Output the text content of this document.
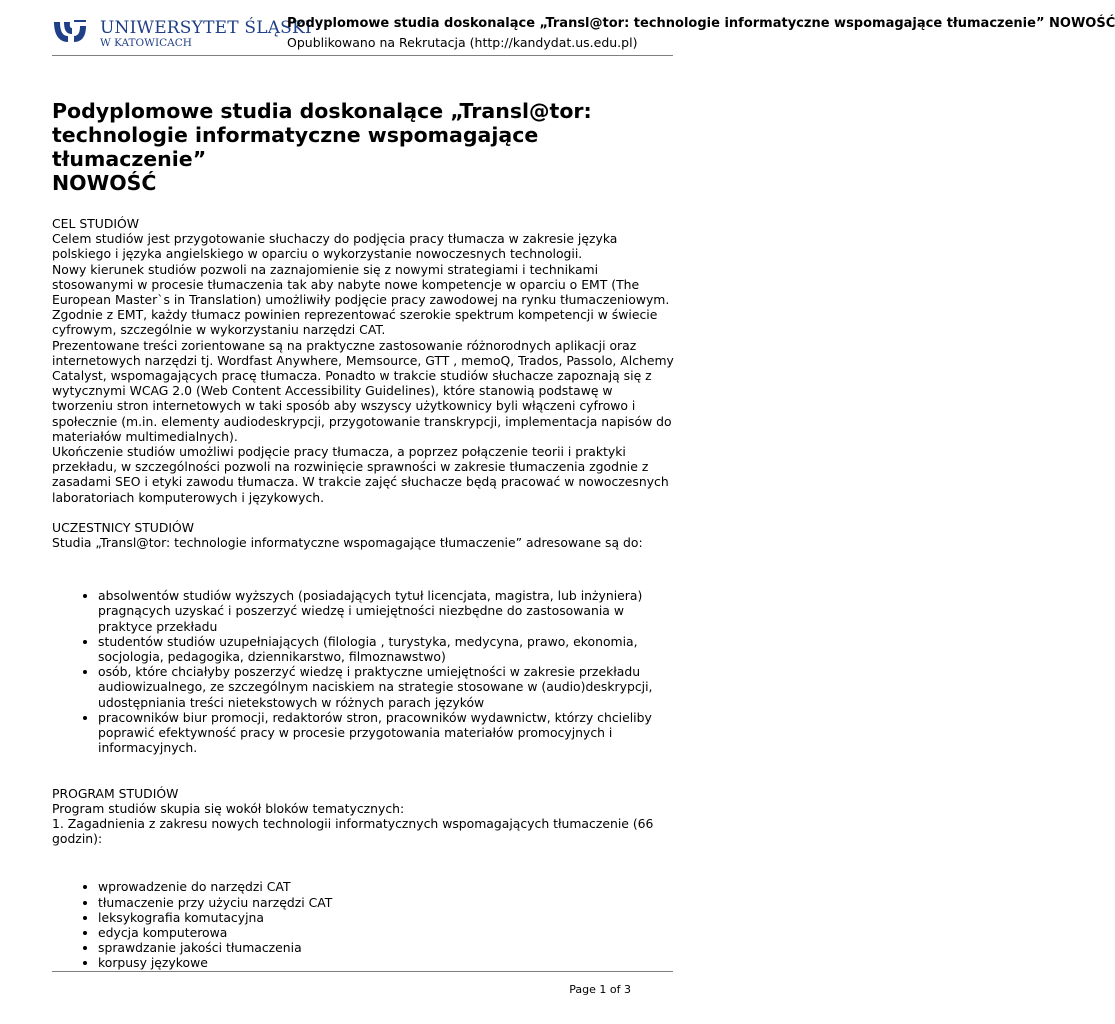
UNIWERSYTET ŚLĄSKI
W KATOWICACH
Podyplomowe studia doskonalące „Transl@tor: technologie informatyczne wspomagające tłumaczenie” NOWOŚĆ
Opublikowano na Rekrutacja (http://kandydat.us.edu.pl)
Podyplomowe studia doskonalące „Transl@tor:
technologie informatyczne wspomagające tłumaczenie”
NOWOŚĆ

CEL STUDIÓW

Celem studiów jest przygotowanie słuchaczy do podjęcia pracy tłumacza w zakresie języka polskiego i języka angielskiego w oparciu o wykorzystanie nowoczesnych technologii.

Nowy kierunek studiów pozwoli na zaznajomienie się z nowymi strategiami i technikami stosowanymi w procesie tłumaczenia tak aby nabyte nowe kompetencje w oparciu o EMT (The European Master`s in Translation) umożliwiły podjęcie pracy zawodowej na rynku tłumaczeniowym. Zgodnie z EMT, każdy tłumacz powinien reprezentować szerokie spektrum kompetencji w świecie cyfrowym, szczególnie w wykorzystaniu narzędzi CAT.

Prezentowane treści zorientowane są na praktyczne zastosowanie różnorodnych aplikacji oraz internetowych narzędzi tj. Wordfast Anywhere, Memsource, GTT , memoQ, Trados, Passolo, Alchemy Catalyst, wspomagających pracę tłumacza. Ponadto w trakcie studiów słuchacze zapoznają się z wytycznymi WCAG 2.0 (Web Content Accessibility Guidelines), które stanowią podstawę w tworzeniu stron internetowych w taki sposób aby wszyscy użytkownicy byli włączeni cyfrowo i społecznie (m.in. elementy audiodeskrypcji, przygotowanie transkrypcji, implementacja napisów do materiałów multimedialnych).

Ukończenie studiów umożliwi podjęcie pracy tłumacza, a poprzez połączenie teorii i praktyki przekładu, w szczególności pozwoli na rozwinięcie sprawności w zakresie tłumaczenia zgodnie z zasadami SEO i etyki zawodu tłumacza. W trakcie zajęć słuchacze będą pracować w nowoczesnych laboratoriach komputerowych i językowych.

UCZESTNICY STUDIÓW

Studia „Transl@tor: technologie informatyczne wspomagające tłumaczenie” adresowane są do:

• absolwentów studiów wyższych (posiadających tytuł licencjata, magistra, lub inżyniera) pragnących uzyskać i poszerzyć wiedzę i umiejętności niezbędne do zastosowania w praktyce przekładu
• studentów studiów uzupełniających (filologia , turystyka, medycyna, prawo, ekonomia, socjologia, pedagogika, dziennikarstwo, filmoznawstwo)
• osób, które chciałyby poszerzyć wiedzę i praktyczne umiejętności w zakresie przekładu audiowizualnego, ze szczególnym naciskiem na strategie stosowane w (audio)deskrypcji, udostępniania treści nietekstowych w różnych parach języków
• pracowników biur promocji, redaktorów stron, pracowników wydawnictw, którzy chcieliby poprawić efektywność pracy w procesie przygotowania materiałów promocyjnych i informacyjnych.

PROGRAM STUDIÓW

Program studiów skupia się wokół bloków tematycznych:

1. Zagadnienia z zakresu nowych technologii informatycznych wspomagających tłumaczenie (66 godzin):

• wprowadzenie do narzędzi CAT
• tłumaczenie przy użyciu narzędzi CAT
• leksykografia komutacyjna
• edycja komputerowa
• sprawdzanie jakości tłumaczenia
• korpusy językowe
Page 1 of 3
